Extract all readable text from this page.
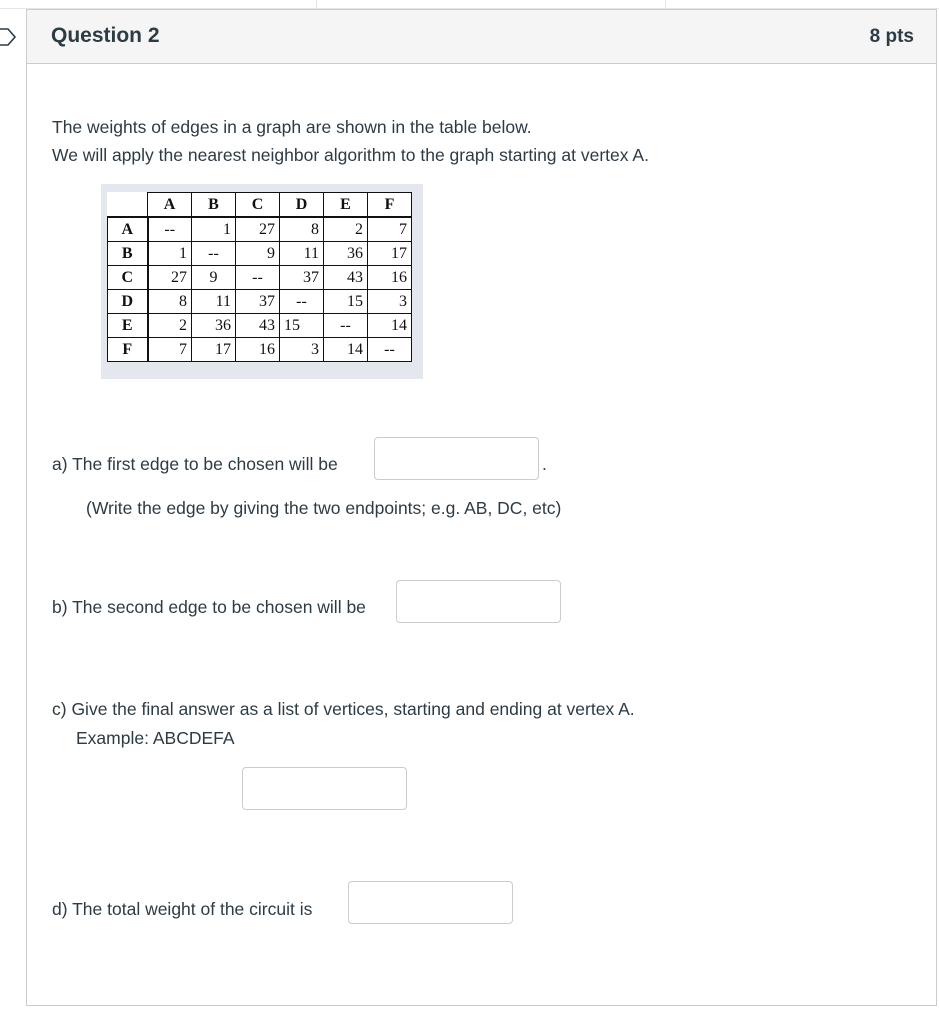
Question 2	8 pts
The weights of edges in a graph are shown in the table below.
We will apply the nearest neighbor algorithm to the graph starting at vertex A.
	A	B	C	D	E	F
A	--	1	27	8	2	7
B	1	--	9	11	36	17
C	27	9	--	37	43	16
D	8	11	37	--	15	3
E	2	36	43	15	--	14
F	7	17	16	3	14	--
a) The first edge to be chosen will be	.
(Write the edge by giving the two endpoints; e.g. AB, DC, etc)
b) The second edge to be chosen will be
c) Give the final answer as a list of vertices, starting and ending at vertex A.
Example: ABCDEFA
d) The total weight of the circuit is
